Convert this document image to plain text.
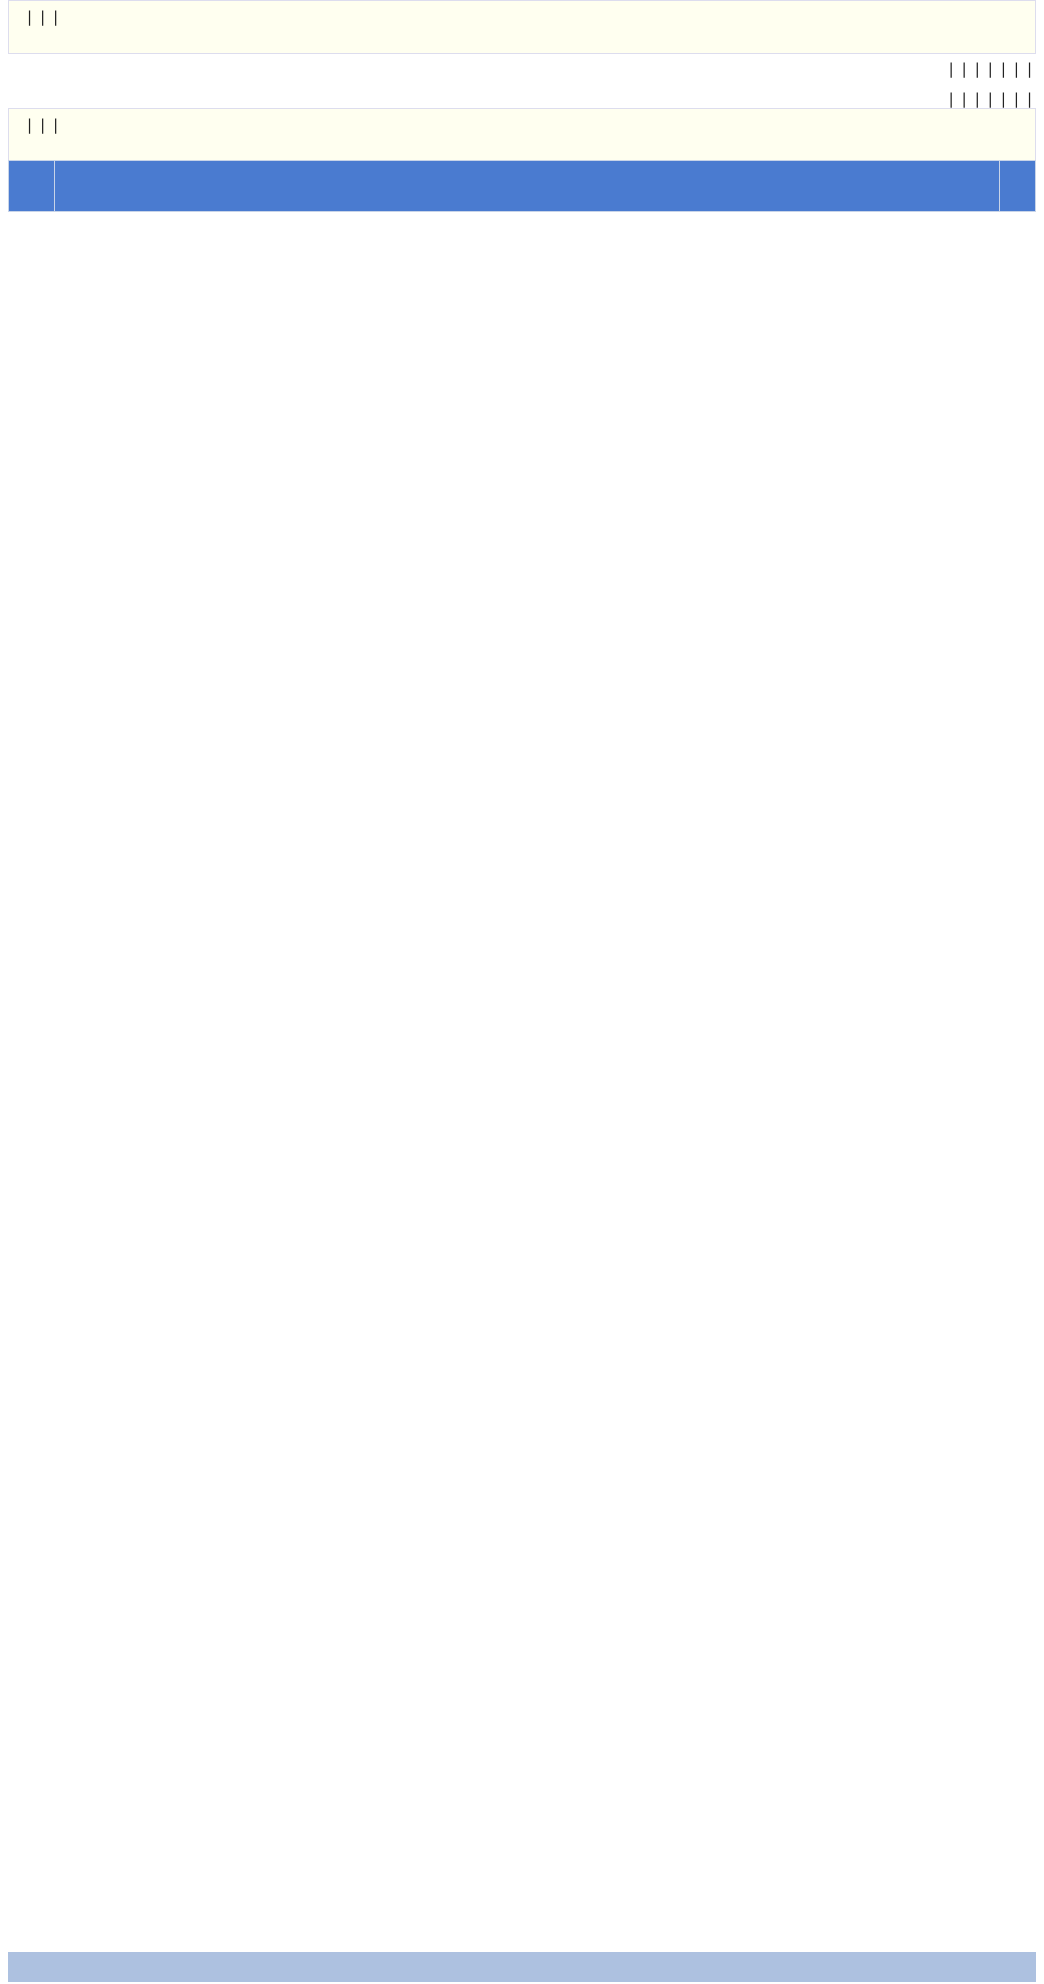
| | | | | | |
| | |

| | |
| | | | | | |
